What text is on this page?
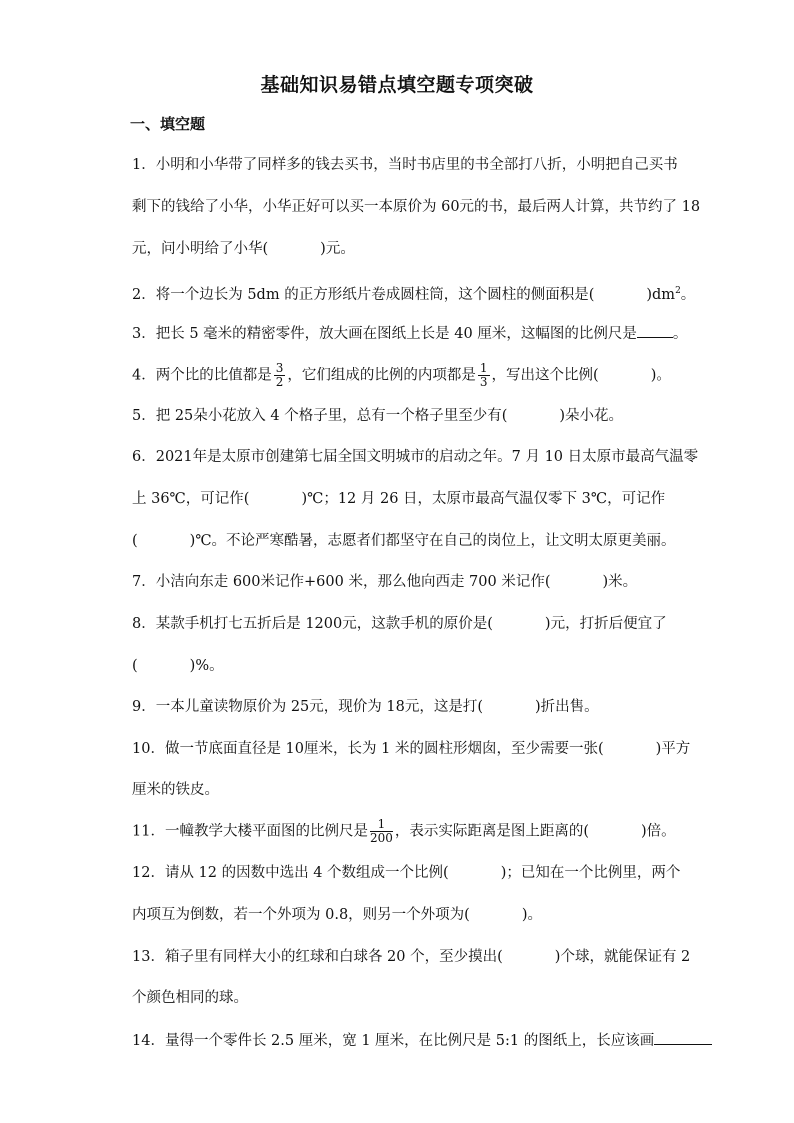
基础知识易错点填空题专项突破
一、填空题
1．小明和小华带了同样多的钱去买书，当时书店里的书全部打八折，小明把自己买书
剩下的钱给了小华，小华正好可以买一本原价为 60元的书，最后两人计算，共节约了 18
元，问小明给了小华(	)元。
2．将一个边长为 5dm 的正方形纸片卷成圆柱筒，这个圆柱的侧面积是(	)$dm^2$。
3．把长 5 毫米的精密零件，放大画在图纸上长是 40 厘米，这幅图的比例尺是 。
4．两个比的比值都是 $\frac{3}{2}$ ，它们组成的比例的内项都是 $\frac{1}{3}$ ，写出这个比例(	)。
5．把 25朵小花放入 4 个格子里，总有一个格子里至少有(	)朵小花。
6．2021年是太原市创建第七届全国文明城市的启动之年。7 月 10 日太原市最高气温零
上 36℃，可记作(	)℃；12 月 26 日，太原市最高气温仅零下 3℃，可记作
(	)℃。不论严寒酷暑，志愿者们都坚守在自己的岗位上，让文明太原更美丽。
7．小洁向东走 600米记作+600 米，那么他向西走 700 米记作(	)米。
8．某款手机打七五折后是 1200元，这款手机的原价是(	)元，打折后便宜了
(	)%。
9．一本儿童读物原价为 25元，现价为 18元，这是打(	)折出售。
10．做一节底面直径是 10厘米，长为 1 米的圆柱形烟囱，至少需要一张(	)平方
厘米的铁皮。
11．一幢教学大楼平面图的比例尺是 $\frac{1}{200}$ ，表示实际距离是图上距离的(	)倍。
12．请从 12 的因数中选出 4 个数组成一个比例(	)；已知在一个比例里，两个
内项互为倒数，若一个外项为 0.8，则另一个外项为(	)。
13．箱子里有同样大小的红球和白球各 20 个，至少摸出(	)个球，就能保证有 2
个颜色相同的球。
14．量得一个零件长 2.5 厘米，宽 1 厘米，在比例尺是 5:1 的图纸上，长应该画
